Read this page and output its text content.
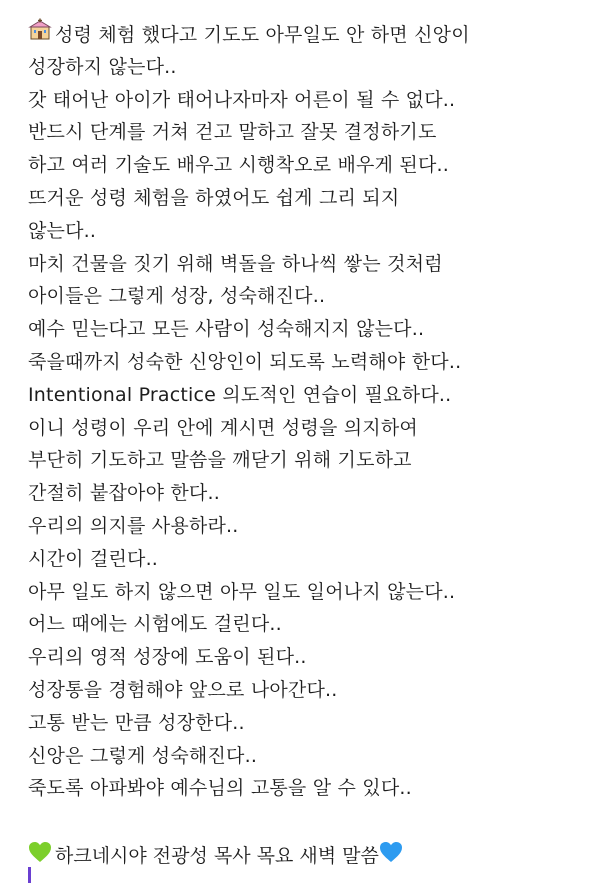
성령 체험 했다고 기도도 아무일도 안 하면 신앙이
성장하지 않는다..
갓 태어난 아이가 태어나자마자 어른이 될 수 없다..
반드시 단계를 거쳐 걷고 말하고 잘못 결정하기도
하고 여러 기술도 배우고 시행착오로 배우게 된다..
뜨거운 성령 체험을 하였어도 쉽게 그리 되지
않는다..
마치 건물을 짓기 위해 벽돌을 하나씩 쌓는 것처럼
아이들은 그렇게 성장, 성숙해진다..
예수 믿는다고 모든 사람이 성숙해지지 않는다..
죽을때까지 성숙한 신앙인이 되도록 노력해야 한다..
Intentional Practice 의도적인 연습이 필요하다..
이니 성령이 우리 안에 계시면 성령을 의지하여
부단히 기도하고 말씀을 깨닫기 위해 기도하고
간절히 붙잡아야 한다..
우리의 의지를 사용하라..
시간이 걸린다..
아무 일도 하지 않으면 아무 일도 일어나지 않는다..
어느 때에는 시험에도 걸린다..
우리의 영적 성장에 도움이 된다..
성장통을 경험해야 앞으로 나아간다..
고통 받는 만큼 성장한다..
신앙은 그렇게 성숙해진다..
죽도록 아파봐야 예수님의 고통을 알 수 있다..
하크네시야 전광성 목사 목요 새벽 말씀
